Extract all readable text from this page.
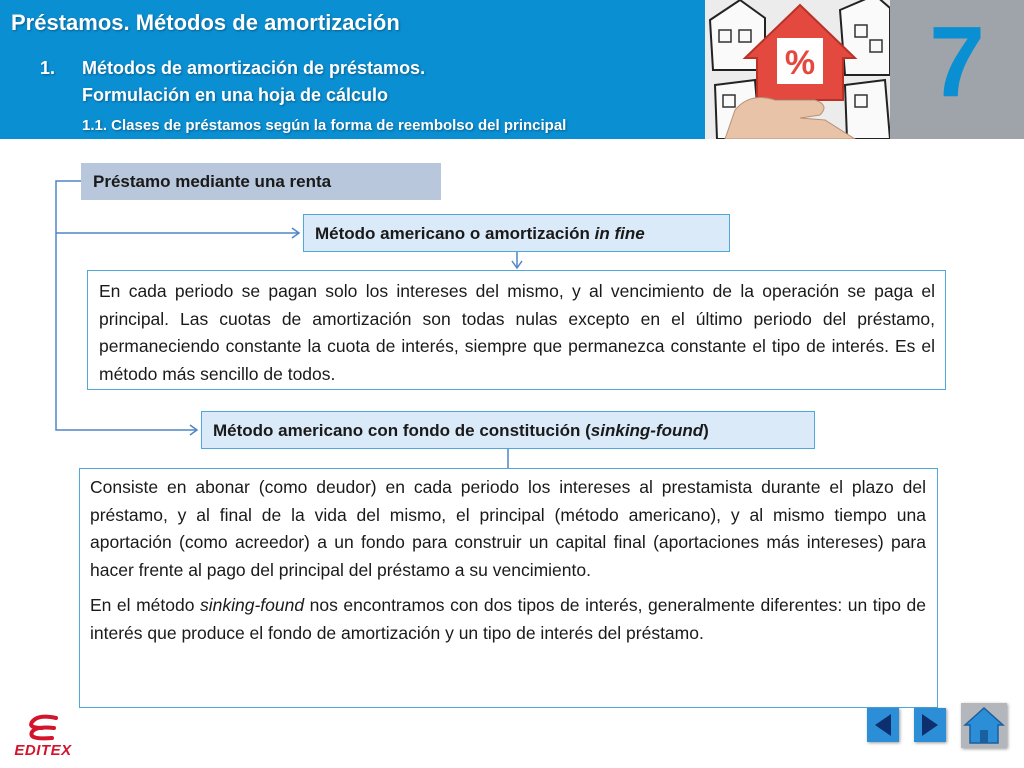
Préstamos. Métodos de amortización
1. Métodos de amortización de préstamos.
Formulación en una hoja de cálculo
%	7
1.1. Clases de préstamos según la forma de reembolso del principal
Préstamo mediante una renta
Método americano o amortización in fine

En cada periodo se pagan solo los intereses del mismo, y al vencimiento de la operación se paga el principal. Las cuotas de amortización son todas nulas excepto en el último periodo del préstamo, permaneciendo constante la cuota de interés, siempre que permanezca constante el tipo de interés. Es el método más sencillo de todos.

Método americano con fondo de constitución (sinking-found)

Consiste en abonar (como deudor) en cada periodo los intereses al prestamista durante el plazo del préstamo, y al final de la vida del mismo, el principal (método americano), y al mismo tiempo una aportación (como acreedor) a un fondo para construir un capital final (aportaciones más intereses) para hacer frente al pago del principal del préstamo a su vencimiento.

En el método sinking-found nos encontramos con dos tipos de interés, generalmente diferentes: un tipo de interés que produce el fondo de amortización y un tipo de interés del préstamo.

EDITEX
